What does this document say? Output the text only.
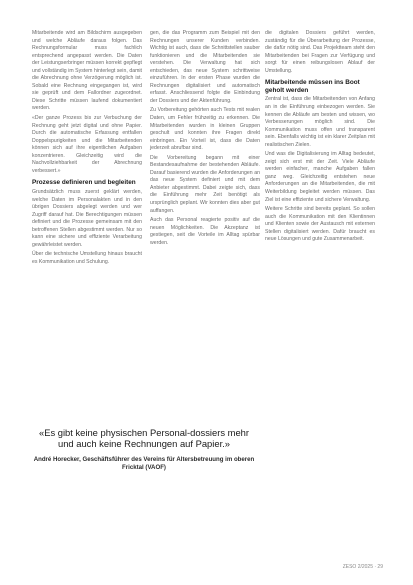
Mitarbeitende wird am Bildschirm ausgegeben und welche Abläufe daraus folgen. Das Rechnungsformular muss fachlich entsprechend angepasst werden. Die Daten der Leistungserbringer müssen korrekt gepflegt und vollständig im System hinterlegt sein, damit die Abrechnung ohne Verzögerung möglich ist. Sobald eine Rechnung eingegangen ist, wird sie geprüft und dem Fallordner zugeordnet. Diese Schritte müssen laufend dokumentiert werden.

«Der ganze Prozess bis zur Verbuchung der Rechnung geht jetzt digital und ohne Papier. Durch die automatische Erfassung entfallen Doppelspurigkeiten und die Mitarbeitenden können sich auf ihre eigentlichen Aufgaben konzentrieren. Gleichzeitig wird die Nachvollziehbarkeit der Abrechnung verbessert.»

Prozesse definieren und begleiten

Grundsätzlich muss zuerst geklärt werden, welche Daten im Personalakten und in den übrigen Dossiers abgelegt werden und wer Zugriff darauf hat. Die Berechtigungen müssen definiert und die Prozesse gemeinsam mit den betroffenen Stellen abgestimmt werden. Nur so kann eine sichere und effiziente Verarbeitung gewährleistet werden.

Über die technische Umstellung hinaus braucht es Kommunikation und Schulung.

gen, die das Programm zum Beispiel mit den Rechnungen unserer Kunden verbinden. Wichtig ist auch, dass die Schnittstellen sauber funktionieren und die Mitarbeitenden sie verstehen. Die Verwaltung hat sich entschieden, das neue System schrittweise einzuführen. In der ersten Phase wurden die Rechnungen digitalisiert und automatisch erfasst. Anschliessend folgte die Einbindung der Dossiers und der Aktenführung.

Zu Vorbereitung gehörten auch Tests mit realen Daten, um Fehler frühzeitig zu erkennen. Die Mitarbeitenden wurden in kleinen Gruppen geschult und konnten ihre Fragen direkt einbringen. Ein Vorteil ist, dass die Daten jederzeit abrufbar sind.

Die Vorbereitung begann mit einer Bestandesaufnahme der bestehenden Abläufe. Darauf basierend wurden die Anforderungen an das neue System definiert und mit dem Anbieter abgestimmt. Dabei zeigte sich, dass die Einführung mehr Zeit benötigt als ursprünglich geplant. Wir konnten dies aber gut auffangen.

Auch das Personal reagierte positiv auf die neuen Möglichkeiten. Die Akzeptanz ist gestiegen, seit die Vorteile im Alltag spürbar werden.

die digitalen Dossiers geführt werden, zuständig für die Überarbeitung der Prozesse, die dafür nötig sind. Das Projektteam steht den Mitarbeitenden bei Fragen zur Verfügung und sorgt für einen reibungslosen Ablauf der Umstellung.

Mitarbeitende müssen ins Boot geholt werden

Zentral ist, dass die Mitarbeitenden von Anfang an in die Einführung einbezogen werden. Sie kennen die Abläufe am besten und wissen, wo Verbesserungen möglich sind. Die Kommunikation muss offen und transparent sein. Ebenfalls wichtig ist ein klarer Zeitplan mit realistischen Zielen.

Und was die Digitalisierung im Alltag bedeutet, zeigt sich erst mit der Zeit. Viele Abläufe werden einfacher, manche Aufgaben fallen ganz weg. Gleichzeitig entstehen neue Anforderungen an die Mitarbeitenden, die mit Weiterbildung begleitet werden müssen. Das Ziel ist eine effiziente und sichere Verwaltung.

Weitere Schritte sind bereits geplant. So sollen auch die Kommunikation mit den Klientinnen und Klienten sowie der Austausch mit externen Stellen digitalisiert werden. Dafür braucht es neue Lösungen und gute Zusammenarbeit.

«Es gibt keine physischen Personal-dossiers mehr und auch keine Rechnungen auf Papier.»

André Horecker, Geschäftsführer des Vereins für Altersbetreuung im oberen Fricktal (VAOF)

ZESO 2/2025 · 29
